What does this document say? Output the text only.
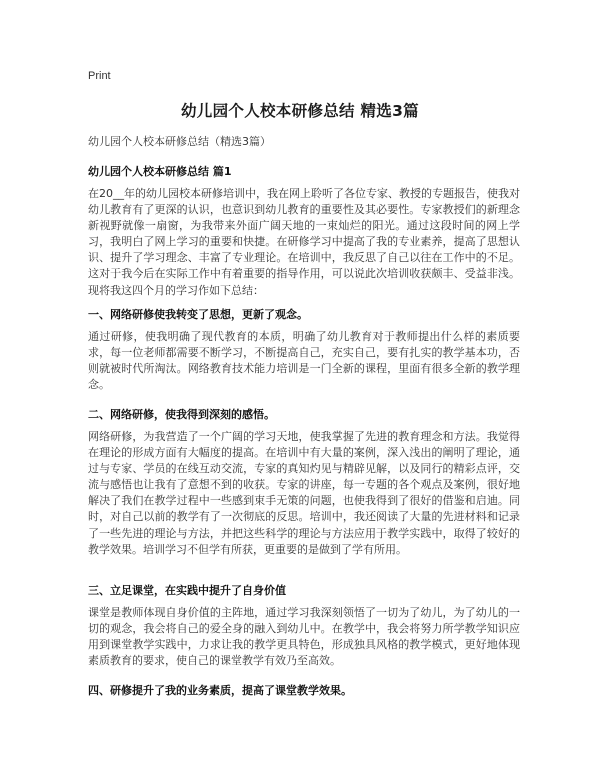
Print
幼儿园个人校本研修总结 精选3篇
幼儿园个人校本研修总结（精选3篇）
幼儿园个人校本研修总结 篇1

在20__年的幼儿园校本研修培训中，我在网上聆听了各位专家、教授的专题报告，使我对幼儿教育有了更深的认识，也意识到幼儿教育的重要性及其必要性。专家教授们的新理念新视野就像一扇窗，为我带来外面广阔天地的一束灿烂的阳光。通过这段时间的网上学习，我明白了网上学习的重要和快捷。在研修学习中提高了我的专业素养，提高了思想认识、提升了学习理念、丰富了专业理论。在培训中，我反思了自己以往在工作中的不足。这对于我今后在实际工作中有着重要的指导作用，可以说此次培训收获颇丰、受益非浅。现将我这四个月的学习作如下总结：

一、网络研修使我转变了思想，更新了观念。

通过研修，使我明确了现代教育的本质，明确了幼儿教育对于教师提出什么样的素质要求，每一位老师都需要不断学习，不断提高自己，充实自己，要有扎实的教学基本功，否则就被时代所淘汰。网络教育技术能力培训是一门全新的课程，里面有很多全新的教学理念。

二、网络研修，使我得到深刻的感悟。

网络研修，为我营造了一个广阔的学习天地，使我掌握了先进的教育理念和方法。我觉得在理论的形成方面有大幅度的提高。在培训中有大量的案例，深入浅出的阐明了理论，通过与专家、学员的在线互动交流，专家的真知灼见与精辟见解，以及同行的精彩点评，交流与感悟也让我有了意想不到的收获。专家的讲座，每一专题的各个观点及案例，很好地解决了我们在教学过程中一些感到束手无策的问题，也使我得到了很好的借鉴和启迪。同时，对自己以前的教学有了一次彻底的反思。培训中，我还阅读了大量的先进材料和记录了一些先进的理论与方法，并把这些科学的理论与方法应用于教学实践中，取得了较好的教学效果。培训学习不但学有所获，更重要的是做到了学有所用。

三、立足课堂，在实践中提升了自身价值

课堂是教师体现自身价值的主阵地，通过学习我深刻领悟了一切为了幼儿，为了幼儿的一切的观念，我会将自己的爱全身的融入到幼儿中。在教学中，我会将努力所学教学知识应用到课堂教学实践中，力求让我的教学更具特色，形成独具风格的教学模式，更好地体现素质教育的要求，使自己的课堂教学有效乃至高效。

四、研修提升了我的业务素质，提高了课堂教学效果。
